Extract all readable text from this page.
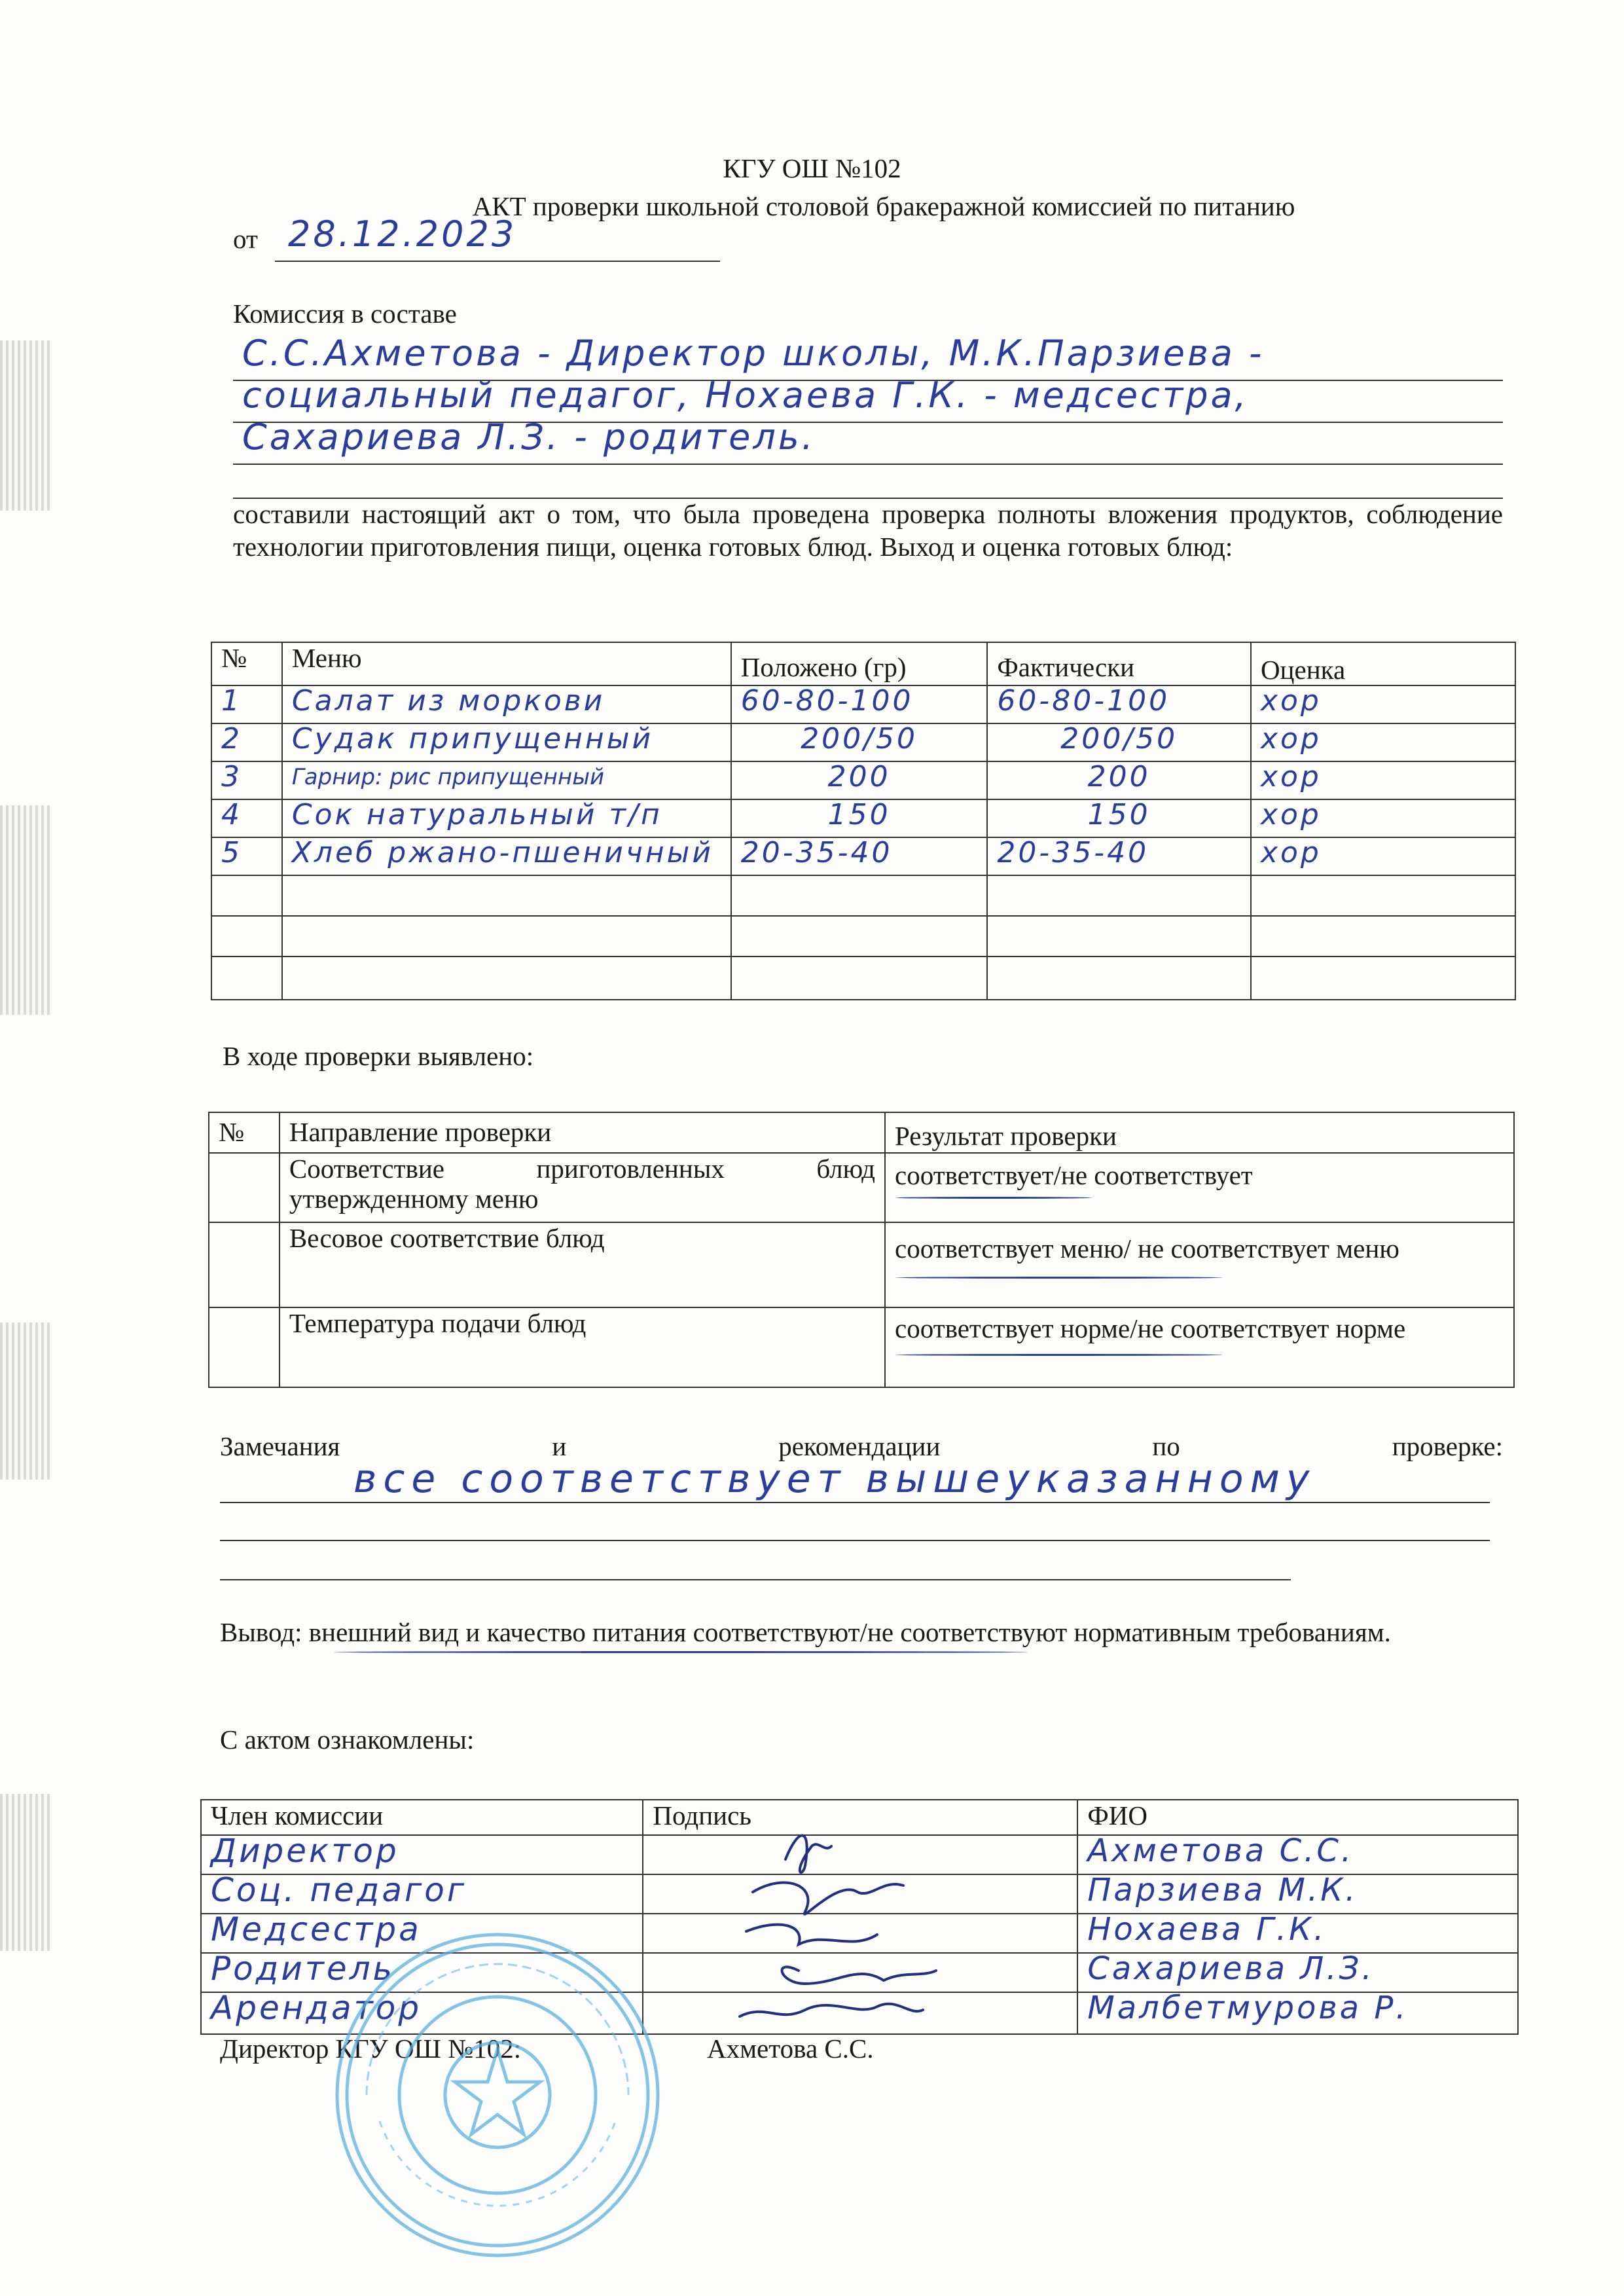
КГУ ОШ №102
АКТ проверки школьной столовой бракеражной комиссией по питанию
от 28.12.2023
Комиссия в составе
С.С.Ахметова - Директор школы, М.К.Парзиева -
социальный педагог, Нохаева Г.К. - медсестра,
Сахариева Л.З. - родитель.
составили настоящий акт о том, что была проведена проверка полноты вложения продуктов, соблюдение технологии приготовления пищи, оценка готовых блюд. Выход и оценка готовых блюд:
№	Меню	Положено (гр)	Фактически	Оценка
1	Салат из моркови	60-80-100	60-80-100	хор
2	Судак припущенный	200/50	200/50	хор
3	Гарнир: рис припущенный	200	200	хор
4	Сок натуральный т/п	150	150	хор
5	Хлеб ржано-пшеничный	20-35-40	20-35-40	хор

В ходе проверки выявлено:
№	Направление проверки	Результат проверки
	Соответствие приготовленных блюд утвержденному меню	соответствует/не соответствует
	Весовое соответствие блюд	соответствует меню/ не соответствует меню
	Температура подачи блюд	соответствует норме/не соответствует норме
Замечания и рекомендации по проверке:
все соответствует вышеуказанному
Вывод: внешний вид и качество питания соответствуют/не соответствуют нормативным требованиям.
С актом ознакомлены:
Член комиссии	Подпись	ФИО
Директор		Ахметова С.С.
Соц. педагог		Парзиева М.К.
Медсестра		Нохаева Г.К.
Родитель		Сахариева Л.З.
Арендатор		Малбетмурова Р.
Директор КГУ ОШ №102:	Ахметова С.С.
